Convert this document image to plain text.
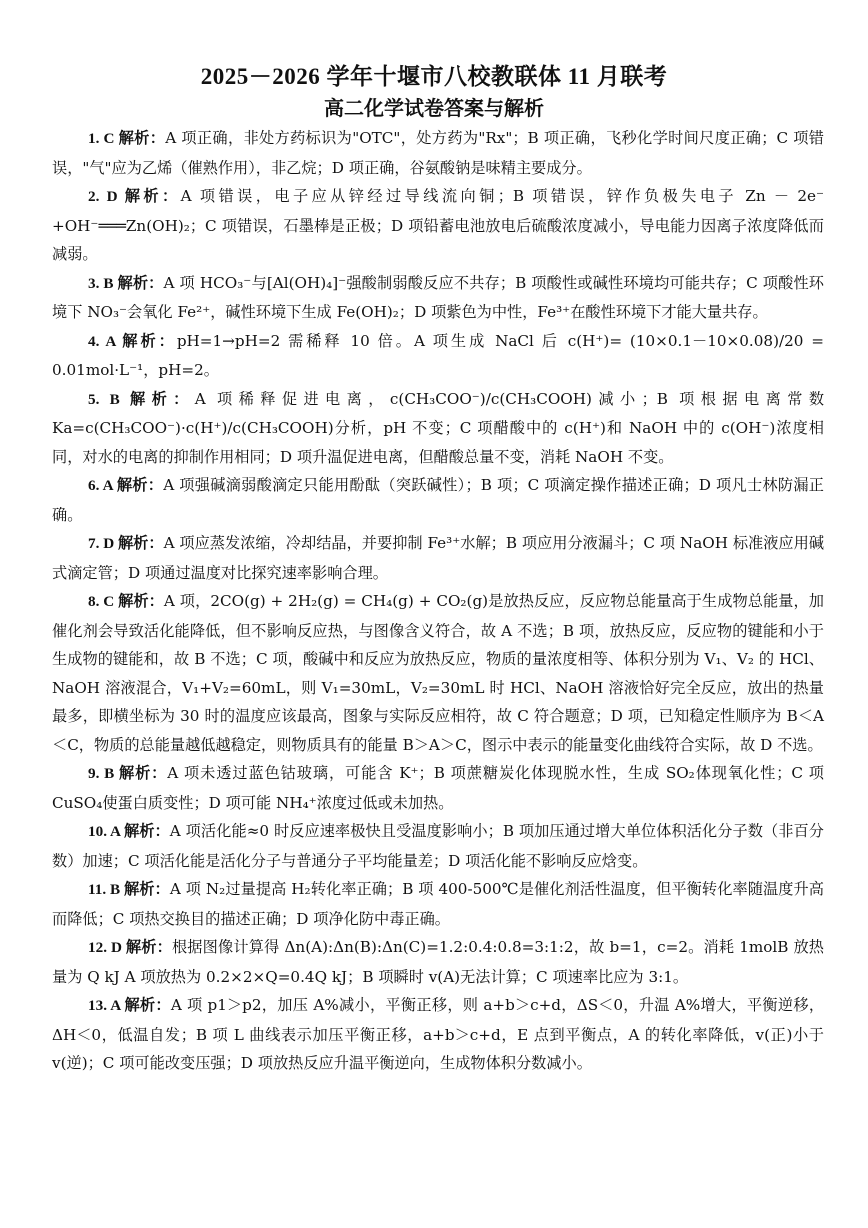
2025－2026 学年十堰市八校教联体 11 月联考
高二化学试卷答案与解析

1. C 解析：A 项正确，非处方药标识为"OTC"，处方药为"Rx"；B 项正确，飞秒化学时间尺度正确；C 项错误，"气"应为乙烯（催熟作用），非乙烷；D 项正确，谷氨酸钠是味精主要成分。

2. D 解析：A 项错误，电子应从锌经过导线流向铜；B 项错误，锌作负极失电子 Zn － 2e⁻ +OH⁻═══Zn(OH)₂；C 项错误，石墨棒是正极；D 项铅蓄电池放电后硫酸浓度减小，导电能力因离子浓度降低而减弱。

3. B 解析：A 项 HCO₃⁻与[Al(OH)₄]⁻强酸制弱酸反应不共存；B 项酸性或碱性环境均可能共存；C 项酸性环境下 NO₃⁻会氧化 Fe²⁺，碱性环境下生成 Fe(OH)₂；D 项紫色为中性，Fe³⁺在酸性环境下才能大量共存。

4. A 解析：pH=1→pH=2 需稀释 10 倍。A 项生成 NaCl 后 c(H⁺)= (10×0.1－10×0.08)/20 = 0.01mol·L⁻¹，pH=2。

5. B 解析：A 项稀释促进电离，c(CH₃COO⁻)/c(CH₃COOH)减小；B 项根据电离常数 Ka=c(CH₃COO⁻)·c(H⁺)/c(CH₃COOH)分析，pH 不变；C 项醋酸中的 c(H⁺)和 NaOH 中的 c(OH⁻)浓度相同，对水的电离的抑制作用相同；D 项升温促进电离，但醋酸总量不变，消耗 NaOH 不变。

6. A 解析：A 项强碱滴弱酸滴定只能用酚酞（突跃碱性）；B 项；C 项滴定操作描述正确；D 项凡士林防漏正确。

7. D 解析：A 项应蒸发浓缩，冷却结晶，并要抑制 Fe³⁺水解；B 项应用分液漏斗；C 项 NaOH 标准液应用碱式滴定管；D 项通过温度对比探究速率影响合理。

8. C 解析：A 项，2CO(g) + 2H₂(g) = CH₄(g) + CO₂(g)是放热反应，反应物总能量高于生成物总能量，加催化剂会导致活化能降低，但不影响反应热，与图像含义符合，故 A 不选；B 项，放热反应，反应物的键能和小于生成物的键能和，故 B 不选；C 项，酸碱中和反应为放热反应，物质的量浓度相等、体积分别为 V₁、V₂ 的 HCl、NaOH 溶液混合，V₁+V₂=60mL，则 V₁=30mL，V₂=30mL 时 HCl、NaOH 溶液恰好完全反应，放出的热量最多，即横坐标为 30 时的温度应该最高，图象与实际反应相符，故 C 符合题意；D 项，已知稳定性顺序为 B＜A＜C，物质的总能量越低越稳定，则物质具有的能量 B＞A＞C，图示中表示的能量变化曲线符合实际，故 D 不选。

9. B 解析：A 项未透过蓝色钴玻璃，可能含 K⁺；B 项蔗糖炭化体现脱水性，生成 SO₂体现氧化性；C 项 CuSO₄使蛋白质变性；D 项可能 NH₄⁺浓度过低或未加热。

10. A 解析：A 项活化能≈0 时反应速率极快且受温度影响小；B 项加压通过增大单位体积活化分子数（非百分数）加速；C 项活化能是活化分子与普通分子平均能量差；D 项活化能不影响反应焓变。

11. B 解析：A 项 N₂过量提高 H₂转化率正确；B 项 400-500℃是催化剂活性温度，但平衡转化率随温度升高而降低；C 项热交换目的描述正确；D 项净化防中毒正确。

12. D 解析：根据图像计算得 Δn(A):Δn(B):Δn(C)=1.2:0.4:0.8=3:1:2，故 b=1，c=2。消耗 1molB 放热量为 Q kJ A 项放热为 0.2×2×Q=0.4Q kJ；B 项瞬时 v(A)无法计算；C 项速率比应为 3:1。

13. A 解析：A 项 p1＞p2，加压 A%减小，平衡正移，则 a+b＞c+d，ΔS＜0，升温 A%增大，平衡逆移，ΔH＜0，低温自发；B 项 L 曲线表示加压平衡正移，a+b＞c+d，E 点到平衡点，A 的转化率降低，v(正)小于 v(逆)；C 项可能改变压强；D 项放热反应升温平衡逆向，生成物体积分数减小。
